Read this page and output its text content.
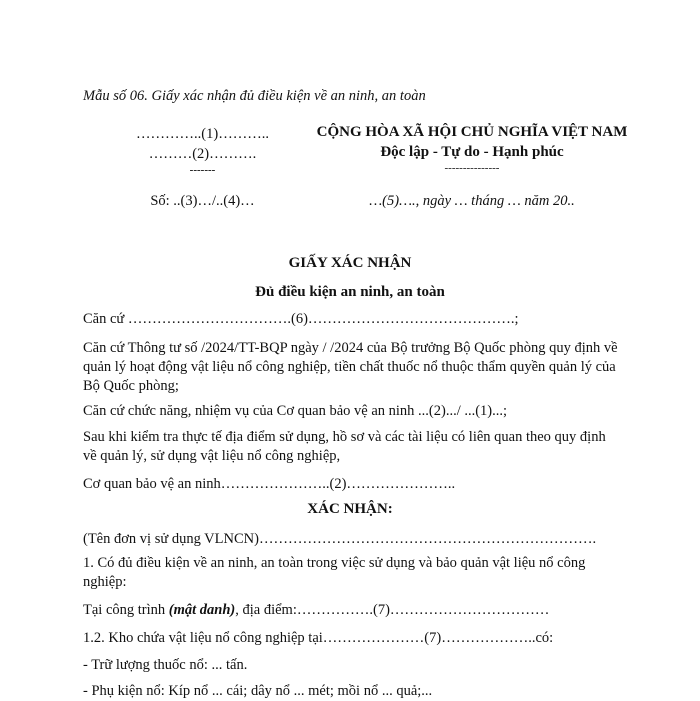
Mẫu số 06. Giấy xác nhận đủ điều kiện về an ninh, an toàn
…………..(1)………..
………(2)……….
-------
CỘNG HÒA XÃ HỘI CHỦ NGHĨA VIỆT NAM
Độc lập - Tự do - Hạnh phúc
---------------
Số: ..(3)…/..(4)…	…(5)…., ngày … tháng … năm 20..
GIẤY XÁC NHẬN
Đủ điều kiện an ninh, an toàn
Căn cứ …………………………….(6)…………………………………….;
Căn cứ Thông tư số /2024/TT-BQP ngày / /2024 của Bộ trưởng Bộ Quốc phòng quy định về quản lý hoạt động vật liệu nổ công nghiệp, tiền chất thuốc nổ thuộc thẩm quyền quản lý của Bộ Quốc phòng;
Căn cứ chức năng, nhiệm vụ của Cơ quan bảo vệ an ninh ...(2).../ ...(1)...;
Sau khi kiểm tra thực tế địa điểm sử dụng, hồ sơ và các tài liệu có liên quan theo quy định về quản lý, sử dụng vật liệu nổ công nghiệp,
Cơ quan bảo vệ an ninh…………………..(2)…………………..
XÁC NHẬN:
(Tên đơn vị sử dụng VLNCN)…………………………………………………………….
1. Có đủ điều kiện về an ninh, an toàn trong việc sử dụng và bảo quản vật liệu nổ công nghiệp:
Tại công trình (mật danh), địa điểm:…………….(7)……………………………
1.2. Kho chứa vật liệu nổ công nghiệp tại…………………(7)………………..có:
- Trữ lượng thuốc nổ: ... tấn.
- Phụ kiện nổ: Kíp nổ ... cái; dây nổ ... mét; mồi nổ ... quả;...
